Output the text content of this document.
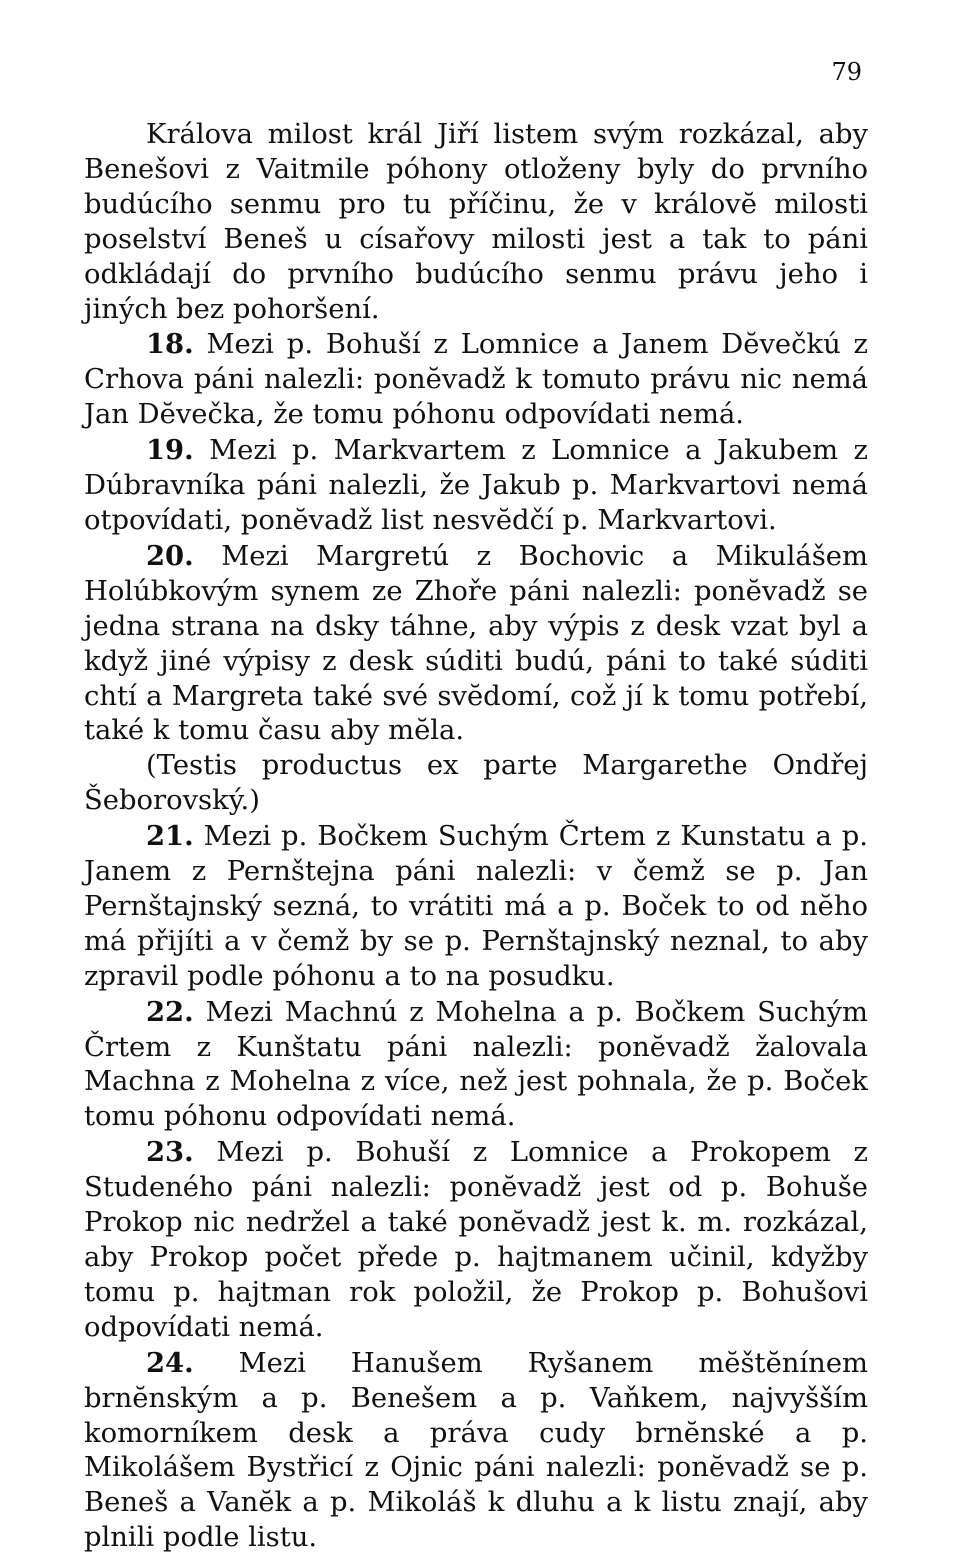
79

Králova milost král Jiří listem svým rozkázal, aby Benešovi z Vaitmile póhony otloženy byly do prvního budúcího senmu pro tu příčinu, že v královĕ milosti poselství Beneš u císařovy milosti jest a tak to páni odkládají do prvního budúcího senmu právu jeho i jiných bez pohoršení.

18. Mezi p. Bohuší z Lomnice a Janem Dĕvečkú z Crhova páni nalezli: ponĕvadž k tomuto právu nic nemá Jan Dĕvečka, že tomu póhonu odpovídati nemá.

19. Mezi p. Markvartem z Lomnice a Jakubem z Dúbravníka páni nalezli, že Jakub p. Markvartovi nemá otpovídati, ponĕvadž list nesvĕdčí p. Markvartovi.

20. Mezi Margretú z Bochovic a Mikulášem Holúbkovým synem ze Zhoře páni nalezli: ponĕvadž se jedna strana na dsky táhne, aby výpis z desk vzat byl a když jiné výpisy z desk súditi budú, páni to také súditi chtí a Margreta také své svĕdomí, což jí k tomu potřebí, také k tomu času aby mĕla.

(Testis productus ex parte Margarethe Ondřej Šeborovský.)

21. Mezi p. Bočkem Suchým Črtem z Kunstatu a p. Janem z Pernštejna páni nalezli: v čemž se p. Jan Pernštajnský sezná, to vrátiti má a p. Boček to od nĕho má přijíti a v čemž by se p. Pernštajnský neznal, to aby zpravil podle póhonu a to na posudku.

22. Mezi Machnú z Mohelna a p. Bočkem Suchým Črtem z Kunštatu páni nalezli: ponĕvadž žalovala Machna z Mohelna z více, než jest pohnala, že p. Boček tomu póhonu odpovídati nemá.

23. Mezi p. Bohuší z Lomnice a Prokopem z Studeného páni nalezli: ponĕvadž jest od p. Bohuše Prokop nic nedržel a také ponĕvadž jest k. m. rozkázal, aby Prokop počet přede p. hajtmanem učinil, kdyžby tomu p. hajtman rok položil, že Prokop p. Bohušovi odpovídati nemá.

24. Mezi Hanušem Ryšanem mĕštĕnínem brnĕnským a p. Benešem a p. Vaňkem, najvyšším komorníkem desk a práva cudy brnĕnské a p. Mikolášem Bystřicí z Ojnic páni nalezli: ponĕvadž se p. Beneš a Vanĕk a p. Mikoláš k dluhu a k listu znají, aby plnili podle listu.
